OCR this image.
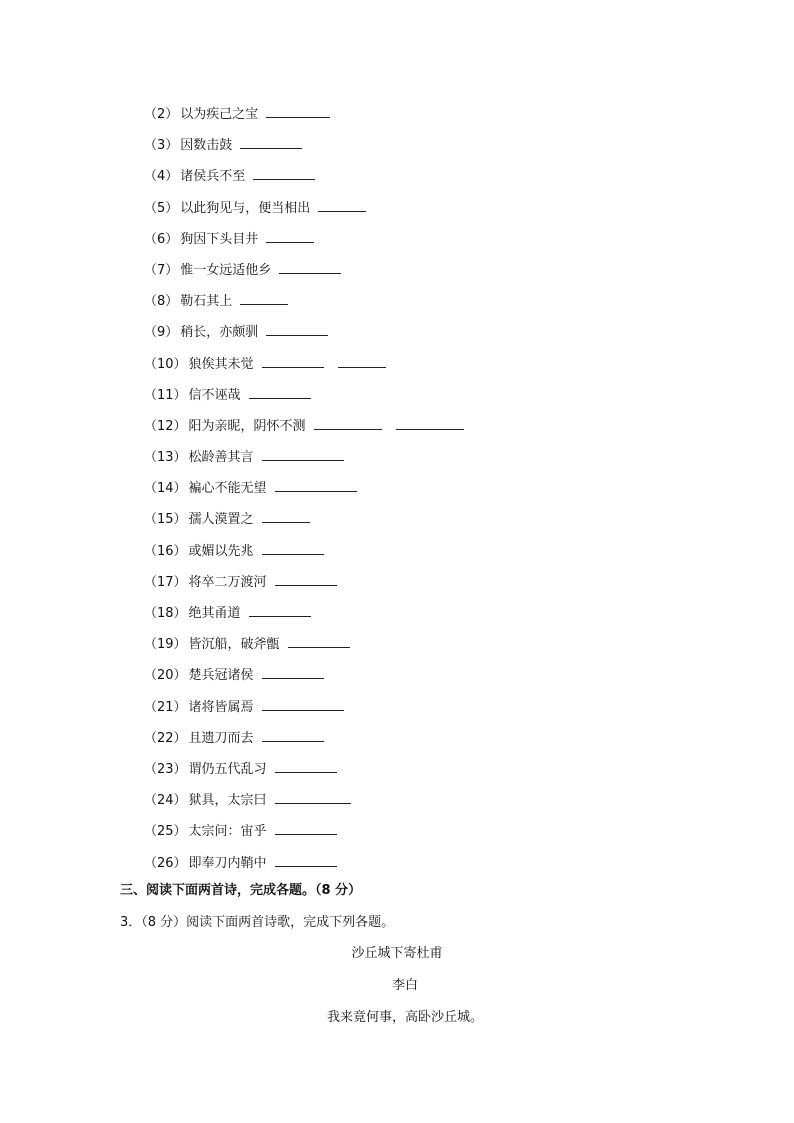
（2） 以为疾己之宝
（3） 因数击鼓
（4） 诸侯兵不至
（5） 以此狗见与，便当相出
（6） 狗因下头目井
（7） 惟一女远适他乡
（8） 勒石其上
（9） 稍长，亦颇驯
（10） 狼俟其未觉
（11） 信不诬哉
（12） 阳为亲昵，阴怀不测
（13） 松龄善其言
（14） 褊心不能无望
（15） 孺人漠置之
（16） 或媚以先兆
（17） 将卒二万渡河
（18） 绝其甬道
（19） 皆沉船，破斧甑
（20） 楚兵冠诸侯
（21） 诸将皆属焉
（22） 且遗刀而去
（23） 谓仍五代乱习
（24） 狱具，太宗曰
（25） 太宗问：宙乎
（26） 即奉刀内鞘中
三、阅读下面两首诗，完成各题。（8 分）
3．（8 分）阅读下面两首诗歌，完成下列各题。
沙丘城下寄杜甫
李白
我来竟何事，高卧沙丘城。
